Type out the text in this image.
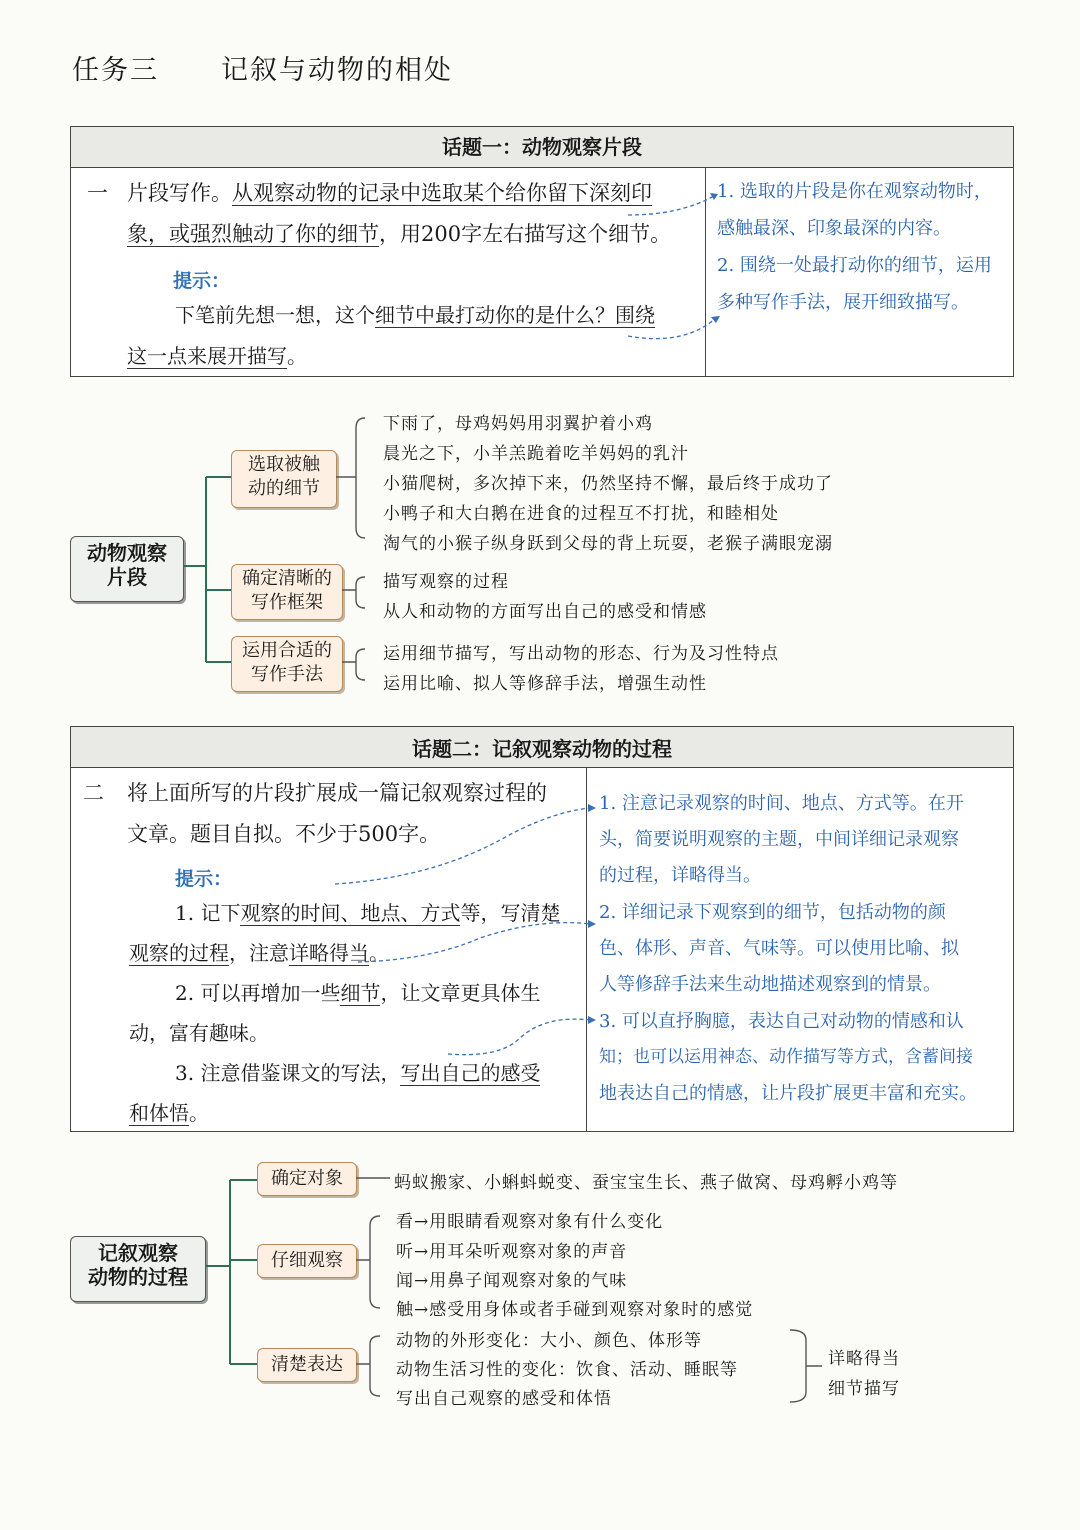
任务三 记叙与动物的相处
话题一：动物观察片段
一 片段写作。从观察动物的记录中选取某个给你留下深刻印
象，或强烈触动了你的细节，用200字左右描写这个细节。
提示：
下笔前先想一想，这个细节中最打动你的是什么？围绕
这一点来展开描写。
1. 选取的片段是你在观察动物时，
感触最深、印象最深的内容。
2. 围绕一处最打动你的细节，运用
多种写作手法，展开细致描写。
动物观察
片段
选取被触
动的细节
确定清晰的
写作框架
运用合适的
写作手法
下雨了，母鸡妈妈用羽翼护着小鸡
晨光之下，小羊羔跪着吃羊妈妈的乳汁
小猫爬树，多次掉下来，仍然坚持不懈，最后终于成功了
小鸭子和大白鹅在进食的过程互不打扰，和睦相处
淘气的小猴子纵身跃到父母的背上玩耍，老猴子满眼宠溺
描写观察的过程
从人和动物的方面写出自己的感受和情感
运用细节描写，写出动物的形态、行为及习性特点
运用比喻、拟人等修辞手法，增强生动性
话题二：记叙观察动物的过程
二 将上面所写的片段扩展成一篇记叙观察过程的
文章。题目自拟。不少于500字。
提示：
1. 记下观察的时间、地点、方式等，写清楚
观察的过程，注意详略得当。
2. 可以再增加一些细节，让文章更具体生
动，富有趣味。
3. 注意借鉴课文的写法，写出自己的感受
和体悟。
1. 注意记录观察的时间、地点、方式等。在开
头，简要说明观察的主题，中间详细记录观察
的过程，详略得当。
2. 详细记录下观察到的细节，包括动物的颜
色、体形、声音、气味等。可以使用比喻、拟
人等修辞手法来生动地描述观察到的情景。
3. 可以直抒胸臆，表达自己对动物的情感和认
知；也可以运用神态、动作描写等方式，含蓄间接
地表达自己的情感，让片段扩展更丰富和充实。
记叙观察
动物的过程
确定对象
仔细观察
清楚表达
蚂蚁搬家、小蝌蚪蜕变、蚕宝宝生长、燕子做窝、母鸡孵小鸡等
看→用眼睛看观察对象有什么变化
听→用耳朵听观察对象的声音
闻→用鼻子闻观察对象的气味
触→感受用身体或者手碰到观察对象时的感觉
动物的外形变化：大小、颜色、体形等
动物生活习性的变化：饮食、活动、睡眠等
写出自己观察的感受和体悟
详略得当
细节描写
